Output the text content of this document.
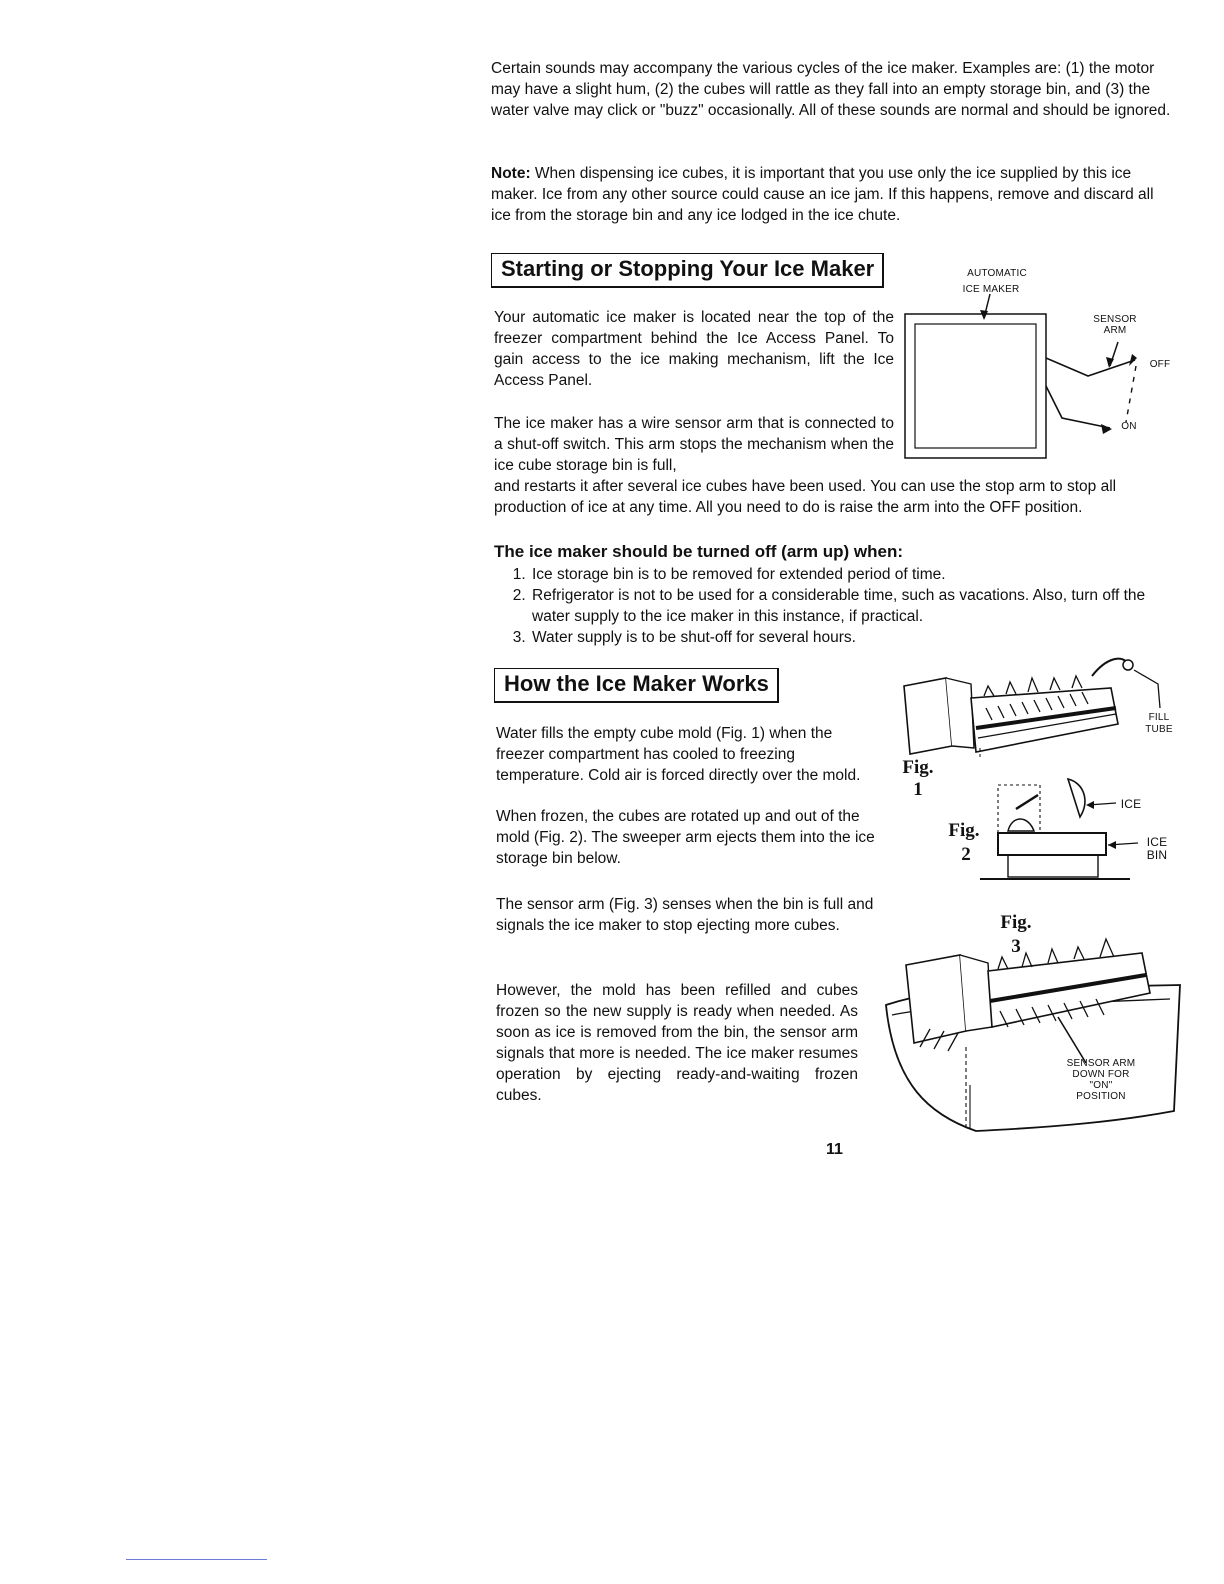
Certain sounds may accompany the various cycles of the ice maker. Examples are: (1) the motor may have a slight hum, (2) the cubes will rattle as they fall into an empty storage bin, and (3) the water valve may click or "buzz" occasionally. All of these sounds are normal and should be ignored.

Note: When dispensing ice cubes, it is important that you use only the ice supplied by this ice maker. Ice from any other source could cause an ice jam. If this happens, remove and discard all ice from the storage bin and any ice lodged in the ice chute.

Starting or Stopping Your Ice Maker

Your automatic ice maker is located near the top of the freezer compartment behind the Ice Access Panel. To gain access to the ice making mechanism, lift the Ice Access Panel.

The ice maker has a wire sensor arm that is connected to a shut-off switch. This arm stops the mechanism when the ice cube storage bin is full,

and restarts it after several ice cubes have been used. You can use the stop arm to stop all production of ice at any time. All you need to do is raise the arm into the OFF position.

AUTOMATIC
ICE MAKER
SENSOR
ARM
OFF
ON

The ice maker should be turned off (arm up) when:

1. Ice storage bin is to be removed for extended period of time.
2. Refrigerator is not to be used for a considerable time, such as vacations. Also, turn off the water supply to the ice maker in this instance, if practical.
3. Water supply is to be shut-off for several hours.
How the Ice Maker Works

Water fills the empty cube mold (Fig. 1) when the freezer compartment has cooled to freezing temperature. Cold air is forced directly over the mold.

When frozen, the cubes are rotated up and out of the mold (Fig. 2). The sweeper arm ejects them into the ice storage bin below.

The sensor arm (Fig. 3) senses when the bin is full and signals the ice maker to stop ejecting more cubes.

However, the mold has been refilled and cubes frozen so the new supply is ready when needed. As soon as ice is removed from the bin, the sensor arm signals that more is needed. The ice maker resumes operation by ejecting ready-and-waiting frozen cubes.

FILL
TUBE
Fig.
1
ICE
ICE
BIN
Fig.
2
Fig.
3
SENSOR ARM
DOWN FOR
"ON"
POSITION
11
